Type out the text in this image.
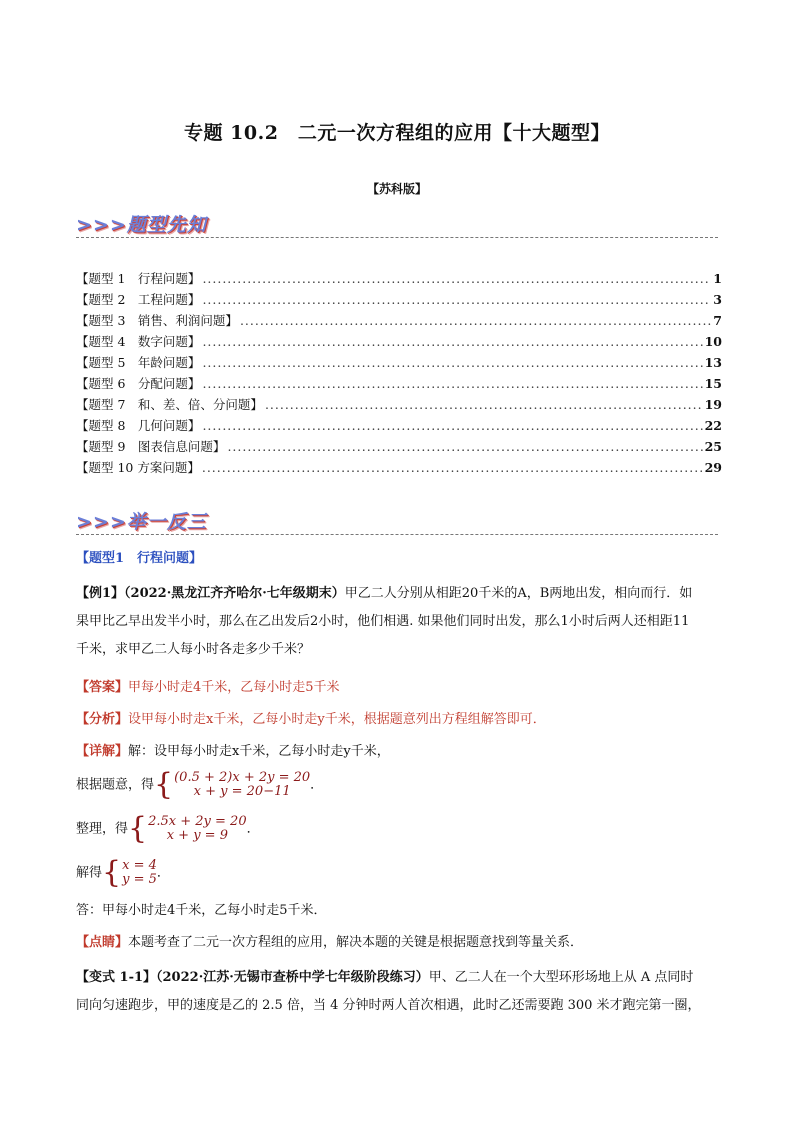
专题 10.2　二元一次方程组的应用【十大题型】
【苏科版】
>>>题型先知
【题型 1　行程问题】 .....	1
【题型 2　工程问题】 .....	3
【题型 3　销售、利润问题】 .....	7
【题型 4　数字问题】 .....	10
【题型 5　年龄问题】 .....	13
【题型 6　分配问题】 .....	15
【题型 7　和、差、倍、分问题】 .....	19
【题型 8　几何问题】 .....	22
【题型 9　图表信息问题】 .....	25
【题型 10 方案问题】 .....	29
>>>举一反三
【题型1　行程问题】
【例1】（2022·黑龙江齐齐哈尔·七年级期末）甲乙二人分别从相距20千米的A，B两地出发，相向而行．如
果甲比乙早出发半小时，那么在乙出发后2小时，他们相遇. 如果他们同时出发，那么1小时后两人还相距11
千米，求甲乙二人每小时各走多少千米？
【答案】甲每小时走4千米，乙每小时走5千米
【分析】设甲每小时走x千米，乙每小时走y千米，根据题意列出方程组解答即可．
【详解】解：设甲每小时走x千米，乙每小时走y千米，
根据题意，得 { (0.5 + 2)x + 2y = 20
x + y = 20−11	．
整理，得 { 2.5x + 2y = 20
x + y = 9	．
解得 { x = 4
y = 5 ．
答：甲每小时走4千米，乙每小时走5千米．
【点睛】本题考查了二元一次方程组的应用，解决本题的关键是根据题意找到等量关系．
【变式 1-1】（2022·江苏·无锡市查桥中学七年级阶段练习）甲、乙二人在一个大型环形场地上从 A 点同时
同向匀速跑步，甲的速度是乙的 2.5 倍，当 4 分钟时两人首次相遇，此时乙还需要跑 300 米才跑完第一圈，
